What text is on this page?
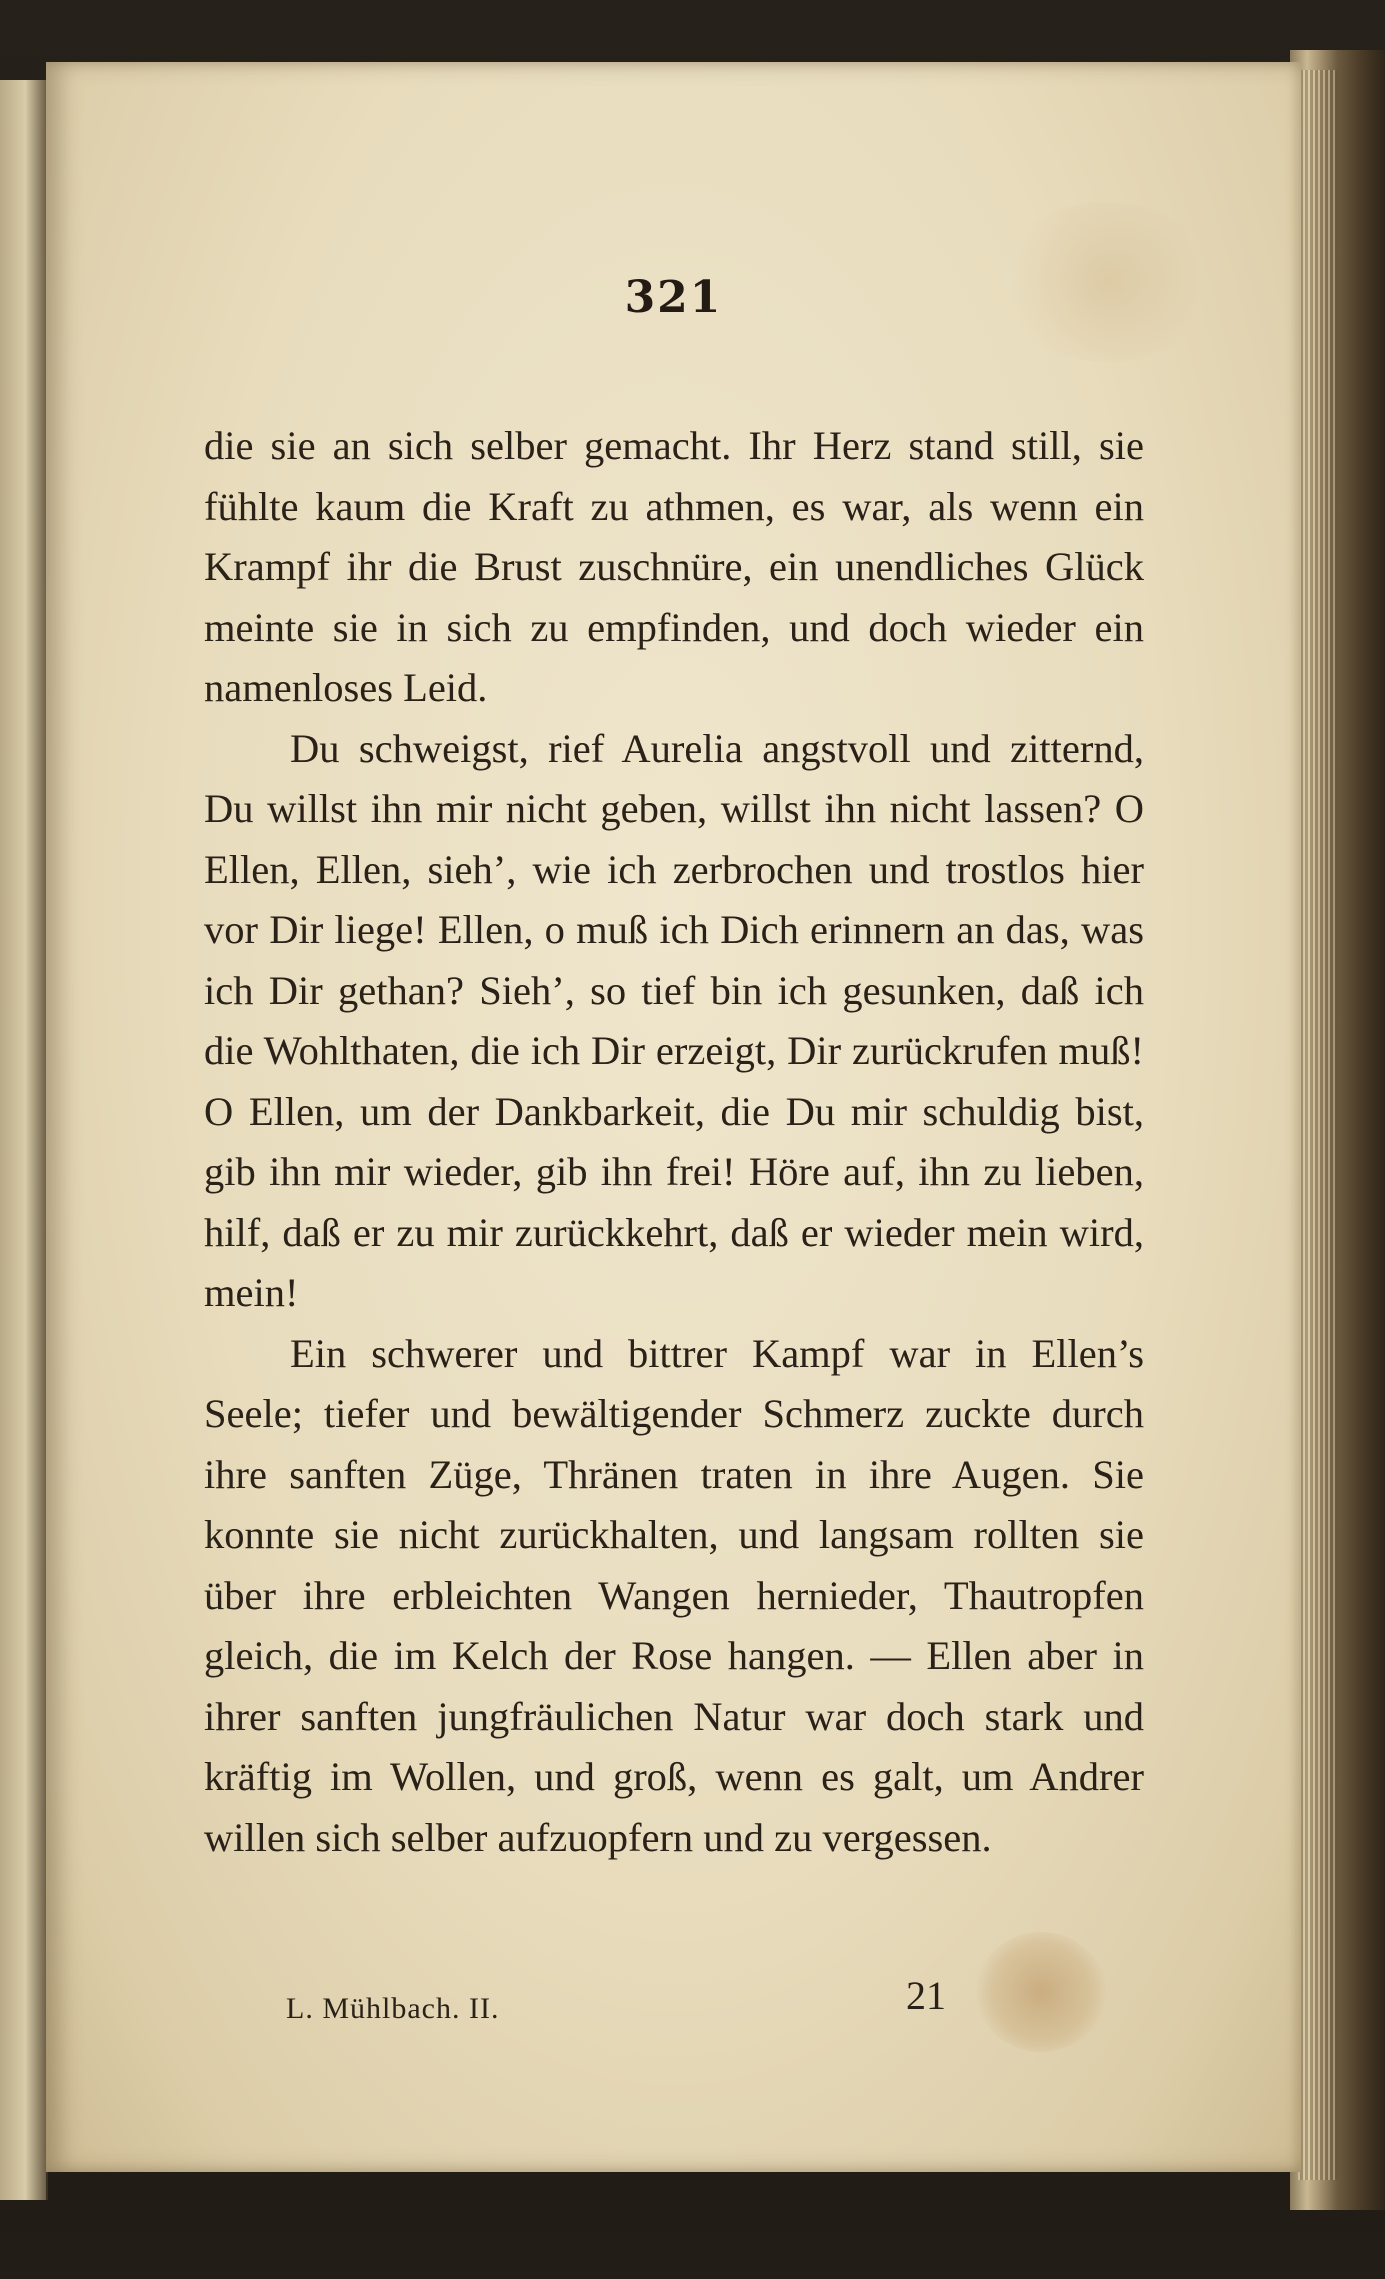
321

die sie an sich selber gemacht. Ihr Herz stand still, sie fühlte kaum die Kraft zu athmen, es war, als wenn ein Krampf ihr die Brust zuschnüre, ein unendliches Glück meinte sie in sich zu empfinden, und doch wieder ein namenloses Leid.

Du schweigst, rief Aurelia angstvoll und zitternd, Du willst ihn mir nicht geben, willst ihn nicht lassen? O Ellen, Ellen, sieh’, wie ich zerbrochen und trostlos hier vor Dir liege! Ellen, o muß ich Dich erinnern an das, was ich Dir gethan? Sieh’, so tief bin ich gesunken, daß ich die Wohlthaten, die ich Dir erzeigt, Dir zurückrufen muß! O Ellen, um der Dankbarkeit, die Du mir schuldig bist, gib ihn mir wieder, gib ihn frei! Höre auf, ihn zu lieben, hilf, daß er zu mir zurückkehrt, daß er wieder mein wird, mein!

Ein schwerer und bittrer Kampf war in Ellen’s Seele; tiefer und bewältigender Schmerz zuckte durch ihre sanften Züge, Thränen traten in ihre Augen. Sie konnte sie nicht zurückhalten, und langsam rollten sie über ihre erbleichten Wangen hernieder, Thautropfen gleich, die im Kelch der Rose hangen. — Ellen aber in ihrer sanften jungfräulichen Natur war doch stark und kräftig im Wollen, und groß, wenn es galt, um Andrer willen sich selber aufzuopfern und zu vergessen.

L. Mühlbach. II.	21
